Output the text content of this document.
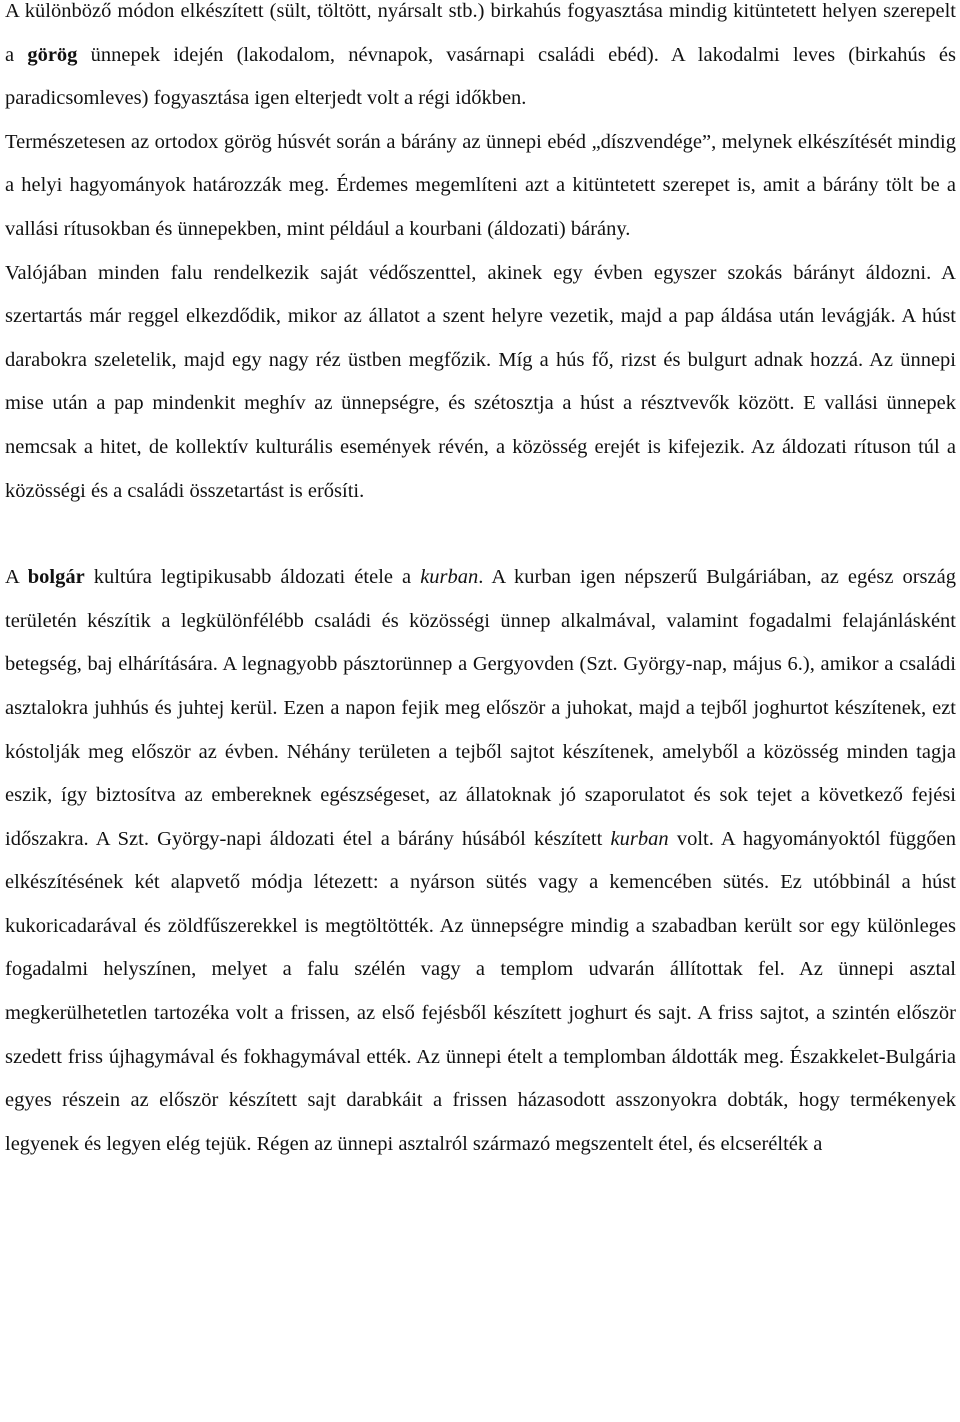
A különböző módon elkészített (sült, töltött, nyársalt stb.) birkahús fogyasztása mindig kitüntetett helyen szerepelt a görög ünnepek idején (lakodalom, névnapok, vasárnapi családi ebéd). A lakodalmi leves (birkahús és paradicsomleves) fogyasztása igen elterjedt volt a régi időkben.

Természetesen az ortodox görög húsvét során a bárány az ünnepi ebéd „díszvendége”, melynek elkészítését mindig a helyi hagyományok határozzák meg. Érdemes megemlíteni azt a kitüntetett szerepet is, amit a bárány tölt be a vallási rítusokban és ünnepekben, mint például a kourbani (áldozati) bárány.

Valójában minden falu rendelkezik saját védőszenttel, akinek egy évben egyszer szokás bárányt áldozni. A szertartás már reggel elkezdődik, mikor az állatot a szent helyre vezetik, majd a pap áldása után levágják. A húst darabokra szeletelik, majd egy nagy réz üstben megfőzik. Míg a hús fő, rizst és bulgurt adnak hozzá. Az ünnepi mise után a pap mindenkit meghív az ünnepségre, és szétosztja a húst a résztvevők között. E vallási ünnepek nemcsak a hitet, de kollektív kulturális események révén, a közösség erejét is kifejezik. Az áldozati rítuson túl a közösségi és a családi összetartást is erősíti.

A bolgár kultúra legtipikusabb áldozati étele a kurban. A kurban igen népszerű Bulgáriában, az egész ország területén készítik a legkülönfélébb családi és közösségi ünnep alkalmával, valamint fogadalmi felajánlásként betegség, baj elhárítására. A legnagyobb pásztorünnep a Gergyovden (Szt. György-nap, május 6.), amikor a családi asztalokra juhhús és juhtej kerül. Ezen a napon fejik meg először a juhokat, majd a tejből joghurtot készítenek, ezt kóstolják meg először az évben. Néhány területen a tejből sajtot készítenek, amelyből a közösség minden tagja eszik, így biztosítva az embereknek egészségeset, az állatoknak jó szaporulatot és sok tejet a következő fejési időszakra. A Szt. György-napi áldozati étel a bárány húsából készített kurban volt. A hagyományoktól függően elkészítésének két alapvető módja létezett: a nyárson sütés vagy a kemencében sütés. Ez utóbbinál a húst kukoricadarával és zöldfűszerekkel is megtöltötték. Az ünnepségre mindig a szabadban került sor egy különleges fogadalmi helyszínen, melyet a falu szélén vagy a templom udvarán állítottak fel. Az ünnepi asztal megkerülhetetlen tartozéka volt a frissen, az első fejésből készített joghurt és sajt. A friss sajtot, a szintén először szedett friss újhagymával és fokhagymával ették. Az ünnepi ételt a templomban áldották meg. Északkelet-Bulgária egyes részein az először készített sajt darabkáit a frissen házasodott asszonyokra dobták, hogy termékenyek legyenek és legyen elég tejük. Régen az ünnepi asztalról származó megszentelt étel, és elcserélték a
